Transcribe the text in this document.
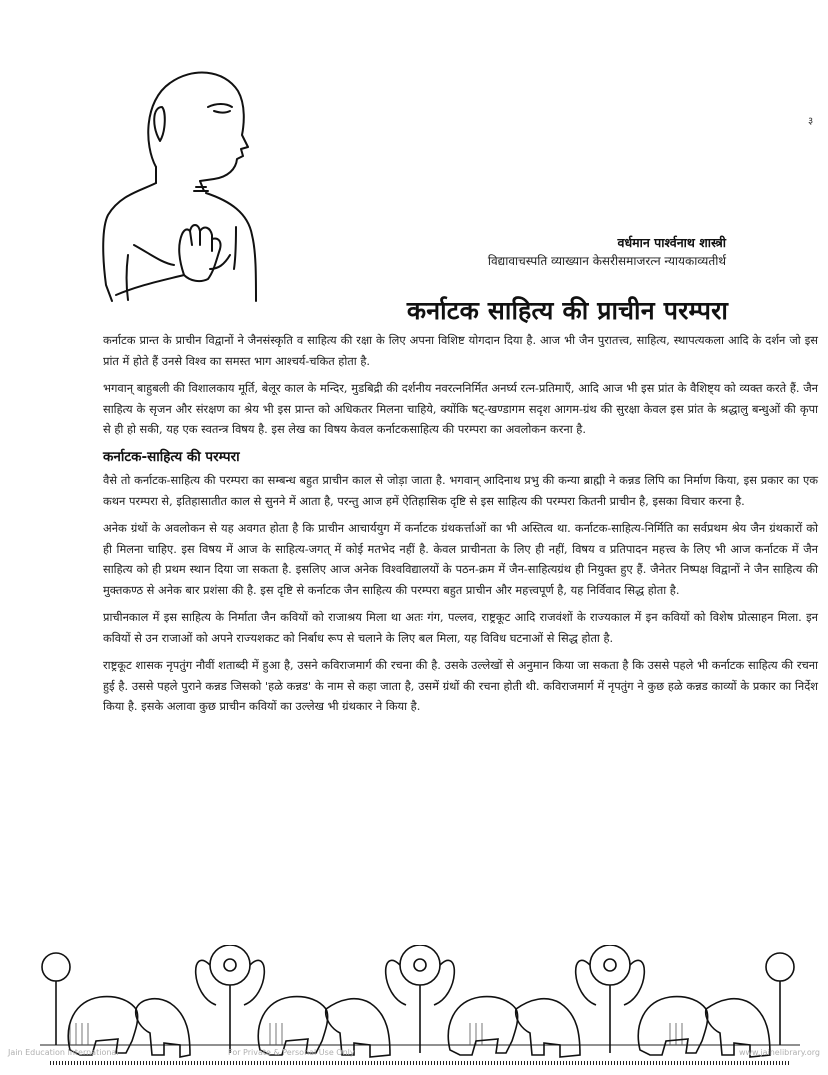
३
वर्धमान पार्श्वनाथ शास्त्री
विद्यावाचस्पति व्याख्यान केसरीसमाजरत्न न्यायकाव्यतीर्थ
कर्नाटक साहित्य की प्राचीन परम्परा

कर्नाटक प्रान्त के प्राचीन विद्वानों ने जैनसंस्कृति व साहित्य की रक्षा के लिए अपना विशिष्ट योगदान दिया है. आज भी जैन पुरातत्त्व, साहित्य, स्थापत्यकला आदि के दर्शन जो इस प्रांत में होते हैं उनसे विश्व का समस्त भाग आश्चर्य-चकित होता है.

भगवान् बाहुबली की विशालकाय मूर्ति, बेलूर काल के मन्दिर, मुडबिद्री की दर्शनीय नवरत्ननिर्मित अनर्घ्य रत्न-प्रतिमाएँ, आदि आज भी इस प्रांत के वैशिष्ट्य को व्यक्त करते हैं. जैन साहित्य के सृजन और संरक्षण का श्रेय भी इस प्रान्त को अधिकतर मिलना चाहिये, क्योंकि षट्-खण्डागम सदृश आगम-ग्रंथ की सुरक्षा केवल इस प्रांत के श्रद्धालु बन्धुओं की कृपा से ही हो सकी, यह एक स्वतन्त्र विषय है. इस लेख का विषय केवल कर्नाटकसाहित्य की परम्परा का अवलोकन करना है.

कर्नाटक-साहित्य की परम्परा

वैसे तो कर्नाटक-साहित्य की परम्परा का सम्बन्ध बहुत प्राचीन काल से जोड़ा जाता है. भगवान् आदिनाथ प्रभु की कन्या ब्राह्मी ने कन्नड लिपि का निर्माण किया, इस प्रकार का एक कथन परम्परा से, इतिहासातीत काल से सुनने में आता है, परन्तु आज हमें ऐतिहासिक दृष्टि से इस साहित्य की परम्परा कितनी प्राचीन है, इसका विचार करना है.

अनेक ग्रंथों के अवलोकन से यह अवगत होता है कि प्राचीन आचार्ययुग में कर्नाटक ग्रंथकर्त्ताओं का भी अस्तित्व था. कर्नाटक-साहित्य-निर्मिति का सर्वप्रथम श्रेय जैन ग्रंथकारों को ही मिलना चाहिए. इस विषय में आज के साहित्य-जगत् में कोई मतभेद नहीं है. केवल प्राचीनता के लिए ही नहीं, विषय व प्रतिपादन महत्त्व के लिए भी आज कर्नाटक में जैन साहित्य को ही प्रथम स्थान दिया जा सकता है. इसलिए आज अनेक विश्वविद्यालयों के पठन-क्रम में जैन-साहित्यग्रंथ ही नियुक्त हुए हैं. जैनेतर निष्पक्ष विद्वानों ने जैन साहित्य की मुक्तकण्ठ से अनेक बार प्रशंसा की है. इस दृष्टि से कर्नाटक जैन साहित्य की परम्परा बहुत प्राचीन और महत्त्वपूर्ण है, यह निर्विवाद सिद्ध होता है.

प्राचीनकाल में इस साहित्य के निर्माता जैन कवियों को राजाश्रय मिला था अतः गंग, पल्लव, राष्ट्रकूट आदि राजवंशों के राज्यकाल में इन कवियों को विशेष प्रोत्साहन मिला. इन कवियों से उन राजाओं को अपने राज्यशकट को निर्बाध रूप से चलाने के लिए बल मिला, यह विविध घटनाओं से सिद्ध होता है.

राष्ट्रकूट शासक नृपतुंग नौवीं शताब्दी में हुआ है, उसने कविराजमार्ग की रचना की है. उसके उल्लेखों से अनुमान किया जा सकता है कि उससे पहले भी कर्नाटक साहित्य की रचना हुई है. उससे पहले पुराने कन्नड जिसको 'हळे कन्नड' के नाम से कहा जाता है, उसमें ग्रंथों की रचना होती थी. कविराजमार्ग में नृपतुंग ने कुछ हळे कन्नड काव्यों के प्रकार का निर्देश किया है. इसके अलावा कुछ प्राचीन कवियों का उल्लेख भी ग्रंथकार ने किया है.

Jain Education International	For Private & Personal Use Only	www.jainelibrary.org
